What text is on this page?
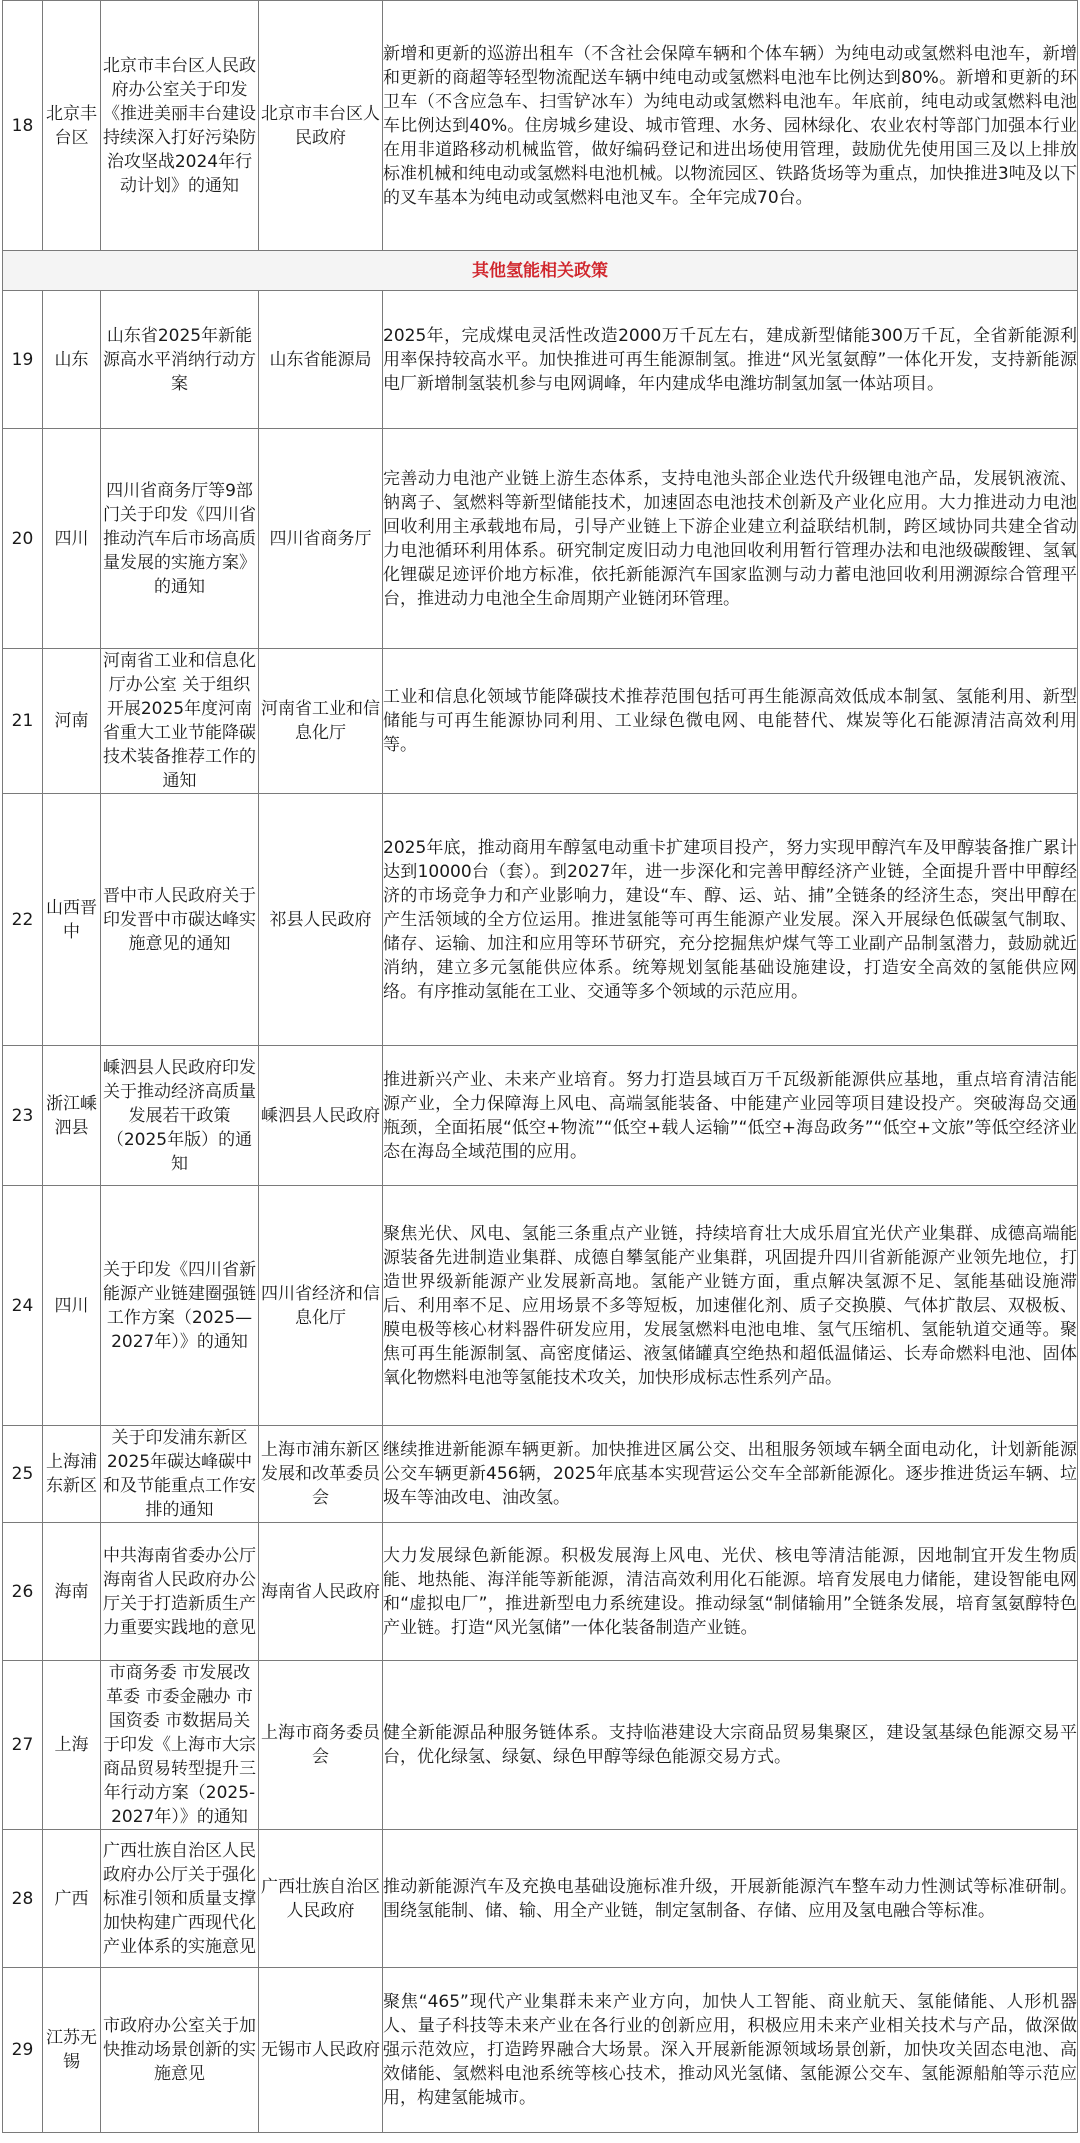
18	北京丰台区	北京市丰台区人民政府办公室关于印发《推进美丽丰台建设 持续深入打好污染防治攻坚战2024年行动计划》的通知	北京市丰台区人民政府	新增和更新的巡游出租车（不含社会保障车辆和个体车辆）为纯电动或氢燃料电池车，新增和更新的商超等轻型物流配送车辆中纯电动或氢燃料电池车比例达到80%。新增和更新的环卫车（不含应急车、扫雪铲冰车）为纯电动或氢燃料电池车。年底前，纯电动或氢燃料电池车比例达到40%。住房城乡建设、城市管理、水务、园林绿化、农业农村等部门加强本行业在用非道路移动机械监管，做好编码登记和进出场使用管理，鼓励优先使用国三及以上排放标准机械和纯电动或氢燃料电池机械。以物流园区、铁路货场等为重点，加快推进3吨及以下的叉车基本为纯电动或氢燃料电池叉车。全年完成70台。
其他氢能相关政策				
19	山东	山东省2025年新能源高水平消纳行动方案	山东省能源局	2025年，完成煤电灵活性改造2000万千瓦左右，建成新型储能300万千瓦，全省新能源利用率保持较高水平。加快推进可再生能源制氢。推进“风光氢氨醇”一体化开发，支持新能源电厂新增制氢装机参与电网调峰，年内建成华电潍坊制氢加氢一体站项目。
20	四川	四川省商务厅等9部门关于印发《四川省推动汽车后市场高质量发展的实施方案》的通知	四川省商务厅	完善动力电池产业链上游生态体系，支持电池头部企业迭代升级锂电池产品，发展钒液流、钠离子、氢燃料等新型储能技术，加速固态电池技术创新及产业化应用。大力推进动力电池回收利用主承载地布局，引导产业链上下游企业建立利益联结机制，跨区域协同共建全省动力电池循环利用体系。研究制定废旧动力电池回收利用暂行管理办法和电池级碳酸锂、氢氧化锂碳足迹评价地方标准，依托新能源汽车国家监测与动力蓄电池回收利用溯源综合管理平台，推进动力电池全生命周期产业链闭环管理。
21	河南	河南省工业和信息化厅办公室 关于组织开展2025年度河南省重大工业节能降碳技术装备推荐工作的通知	河南省工业和信息化厅	工业和信息化领域节能降碳技术推荐范围包括可再生能源高效低成本制氢、氢能利用、新型储能与可再生能源协同利用、工业绿色微电网、电能替代、煤炭等化石能源清洁高效利用等。
22	山西晋中	晋中市人民政府关于印发晋中市碳达峰实施意见的通知	祁县人民政府	2025年底，推动商用车醇氢电动重卡扩建项目投产，努力实现甲醇汽车及甲醇装备推广累计达到10000台（套）。到2027年，进一步深化和完善甲醇经济产业链，全面提升晋中甲醇经济的市场竞争力和产业影响力，建设“车、醇、运、站、捕”全链条的经济生态，突出甲醇在产生活领域的全方位运用。推进氢能等可再生能源产业发展。深入开展绿色低碳氢气制取、储存、运输、加注和应用等环节研究，充分挖掘焦炉煤气等工业副产品制氢潜力，鼓励就近消纳，建立多元氢能供应体系。统筹规划氢能基础设施建设，打造安全高效的氢能供应网络。有序推动氢能在工业、交通等多个领域的示范应用。
23	浙江嵊泗县	嵊泗县人民政府印发关于推动经济高质量发展若干政策（2025年版）的通知	嵊泗县人民政府	推进新兴产业、未来产业培育。努力打造县域百万千瓦级新能源供应基地，重点培育清洁能源产业，全力保障海上风电、高端氢能装备、中能建产业园等项目建设投产。突破海岛交通瓶颈，全面拓展“低空+物流”“低空+载人运输”“低空+海岛政务”“低空+文旅”等低空经济业态在海岛全域范围的应用。
24	四川	关于印发《四川省新能源产业链建圈强链工作方案（2025—2027年）》的通知	四川省经济和信息化厅	聚焦光伏、风电、氢能三条重点产业链，持续培育壮大成乐眉宜光伏产业集群、成德高端能源装备先进制造业集群、成德自攀氢能产业集群，巩固提升四川省新能源产业领先地位，打造世界级新能源产业发展新高地。氢能产业链方面，重点解决氢源不足、氢能基础设施滞后、利用率不足、应用场景不多等短板，加速催化剂、质子交换膜、气体扩散层、双极板、膜电极等核心材料器件研发应用，发展氢燃料电池电堆、氢气压缩机、氢能轨道交通等。聚焦可再生能源制氢、高密度储运、液氢储罐真空绝热和超低温储运、长寿命燃料电池、固体氧化物燃料电池等氢能技术攻关，加快形成标志性系列产品。
25	上海浦东新区	关于印发浦东新区2025年碳达峰碳中和及节能重点工作安排的通知	上海市浦东新区发展和改革委员会	继续推进新能源车辆更新。加快推进区属公交、出租服务领域车辆全面电动化，计划新能源公交车辆更新456辆，2025年底基本实现营运公交车全部新能源化。逐步推进货运车辆、垃圾车等油改电、油改氢。
26	海南	中共海南省委办公厅　海南省人民政府办公厅关于打造新质生产力重要实践地的意见	海南省人民政府	大力发展绿色新能源。积极发展海上风电、光伏、核电等清洁能源，因地制宜开发生物质能、地热能、海洋能等新能源，清洁高效利用化石能源。培育发展电力储能，建设智能电网和“虚拟电厂”，推进新型电力系统建设。推动绿氢“制储输用”全链条发展，培育氢氨醇特色产业链。打造“风光氢储”一体化装备制造产业链。
27	上海	市商务委 市发展改革委 市委金融办 市国资委 市数据局关于印发《上海市大宗商品贸易转型提升三年行动方案（2025-2027年）》的通知	上海市商务委员会	健全新能源品种服务链体系。支持临港建设大宗商品贸易集聚区，建设氢基绿色能源交易平台，优化绿氢、绿氨、绿色甲醇等绿色能源交易方式。
28	广西	广西壮族自治区人民政府办公厅关于强化标准引领和质量支撑加快构建广西现代化产业体系的实施意见	广西壮族自治区人民政府	推动新能源汽车及充换电基础设施标准升级，开展新能源汽车整车动力性测试等标准研制。围绕氢能制、储、输、用全产业链，制定氢制备、存储、应用及氢电融合等标准。
29	江苏无锡	市政府办公室关于加快推动场景创新的实施意见	无锡市人民政府	聚焦“465”现代产业集群未来产业方向，加快人工智能、商业航天、氢能储能、人形机器人、量子科技等未来产业在各行业的创新应用，积极应用未来产业相关技术与产品，做深做强示范效应，打造跨界融合大场景。深入开展新能源领域场景创新，加快攻关固态电池、高效储能、氢燃料电池系统等核心技术，推动风光氢储、氢能源公交车、氢能源船舶等示范应用，构建氢能城市。
